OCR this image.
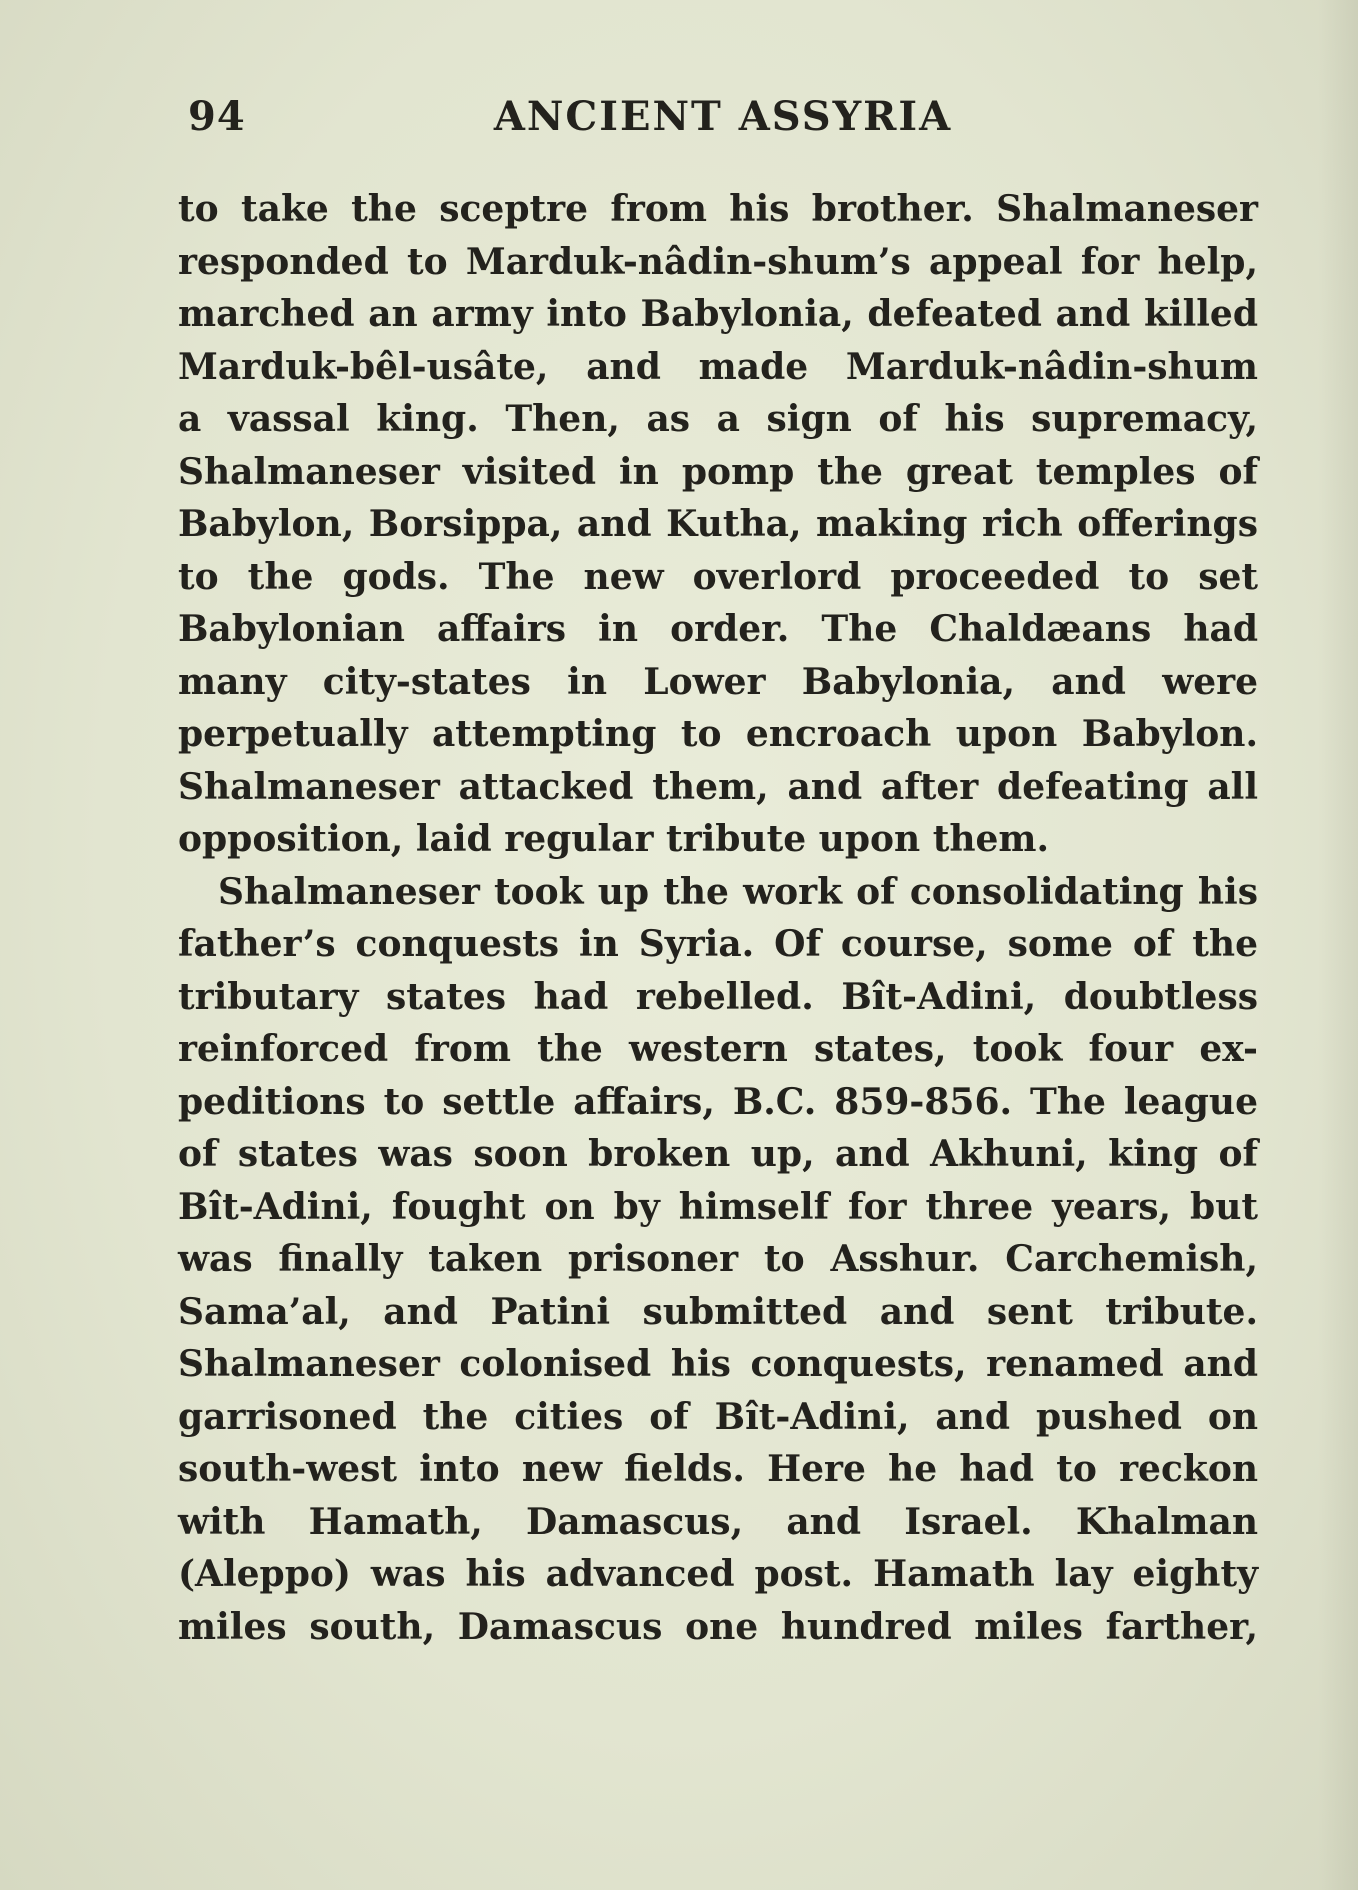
94	ANCIENT ASSYRIA
to take the sceptre from his brother. Shalmaneser
responded to Marduk-nâdin-shum’s appeal for help,
marched an army into Babylonia, defeated and killed
Marduk-bêl-usâte, and made Marduk-nâdin-shum
a vassal king. Then, as a sign of his supremacy,
Shalmaneser visited in pomp the great temples of
Babylon, Borsippa, and Kutha, making rich offerings
to the gods. The new overlord proceeded to set
Babylonian affairs in order. The Chaldæans had
many city-states in Lower Babylonia, and were
perpetually attempting to encroach upon Babylon.
Shalmaneser attacked them, and after defeating all
opposition, laid regular tribute upon them.
Shalmaneser took up the work of consolidating his
father’s conquests in Syria. Of course, some of the
tributary states had rebelled. Bît-Adini, doubtless
reinforced from the western states, took four ex-
peditions to settle affairs, B.C. 859-856. The league
of states was soon broken up, and Akhuni, king of
Bît-Adini, fought on by himself for three years, but
was finally taken prisoner to Asshur. Carchemish,
Sama’al, and Patini submitted and sent tribute.
Shalmaneser colonised his conquests, renamed and
garrisoned the cities of Bît-Adini, and pushed on
south-west into new fields. Here he had to reckon
with Hamath, Damascus, and Israel. Khalman
(Aleppo) was his advanced post. Hamath lay eighty
miles south, Damascus one hundred miles farther,
